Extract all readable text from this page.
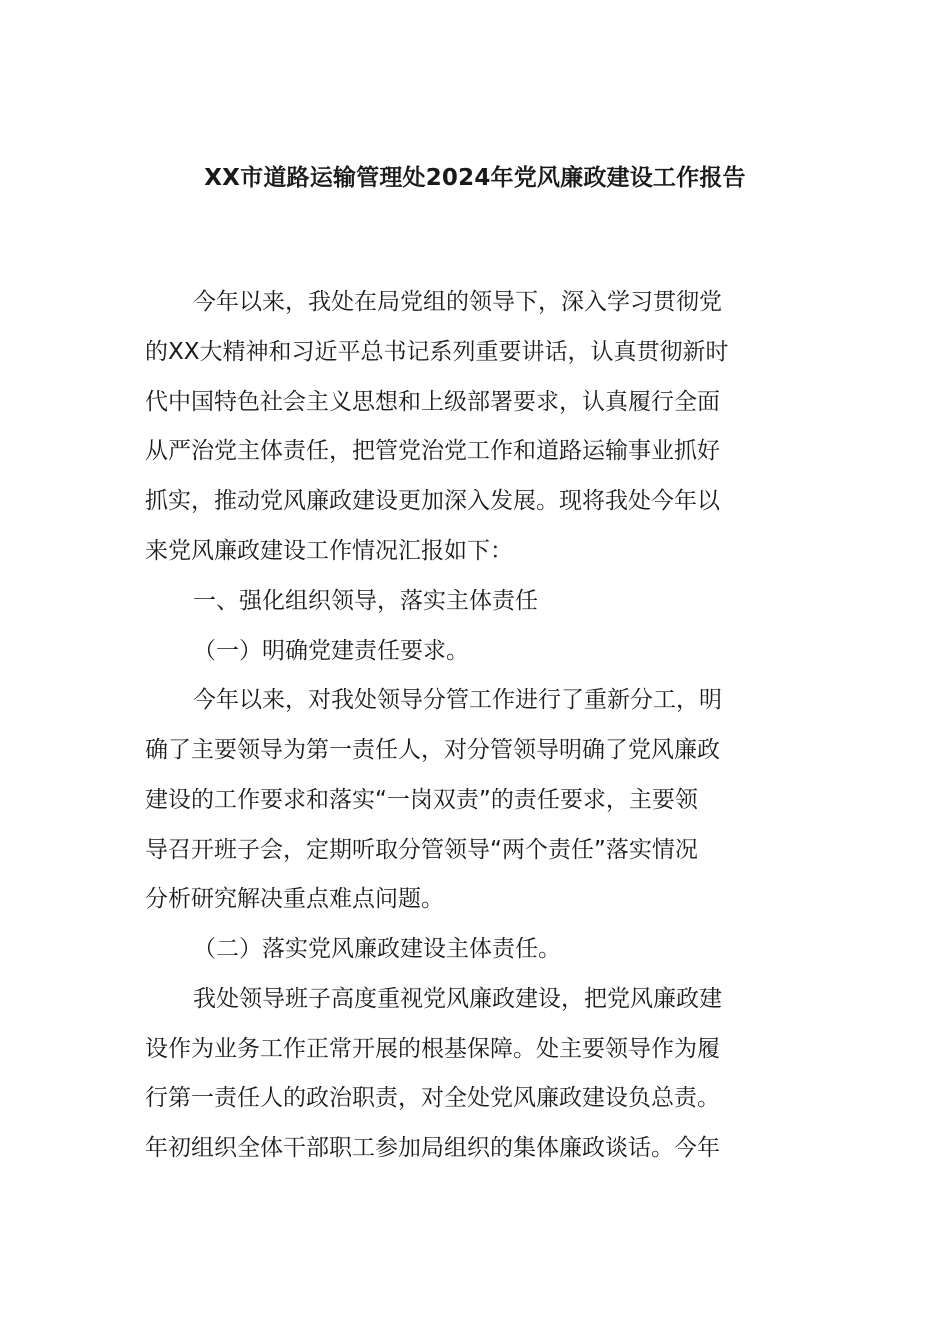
XX市道路运输管理处2024年党风廉政建设工作报告
今年以来，我处在局党组的领导下，深入学习贯彻党
的XX大精神和习近平总书记系列重要讲话，认真贯彻新时
代中国特色社会主义思想和上级部署要求，认真履行全面
从严治党主体责任，把管党治党工作和道路运输事业抓好
抓实，推动党风廉政建设更加深入发展。现将我处今年以
来党风廉政建设工作情况汇报如下：
一、强化组织领导，落实主体责任
（一）明确党建责任要求。
今年以来，对我处领导分管工作进行了重新分工，明
确了主要领导为第一责任人，对分管领导明确了党风廉政
建设的工作要求和落实“一岗双责”的责任要求，主要领
导召开班子会，定期听取分管领导“两个责任”落实情况
分析研究解决重点难点问题。
（二）落实党风廉政建设主体责任。
我处领导班子高度重视党风廉政建设，把党风廉政建
设作为业务工作正常开展的根基保障。处主要领导作为履
行第一责任人的政治职责，对全处党风廉政建设负总责。
年初组织全体干部职工参加局组织的集体廉政谈话。今年
